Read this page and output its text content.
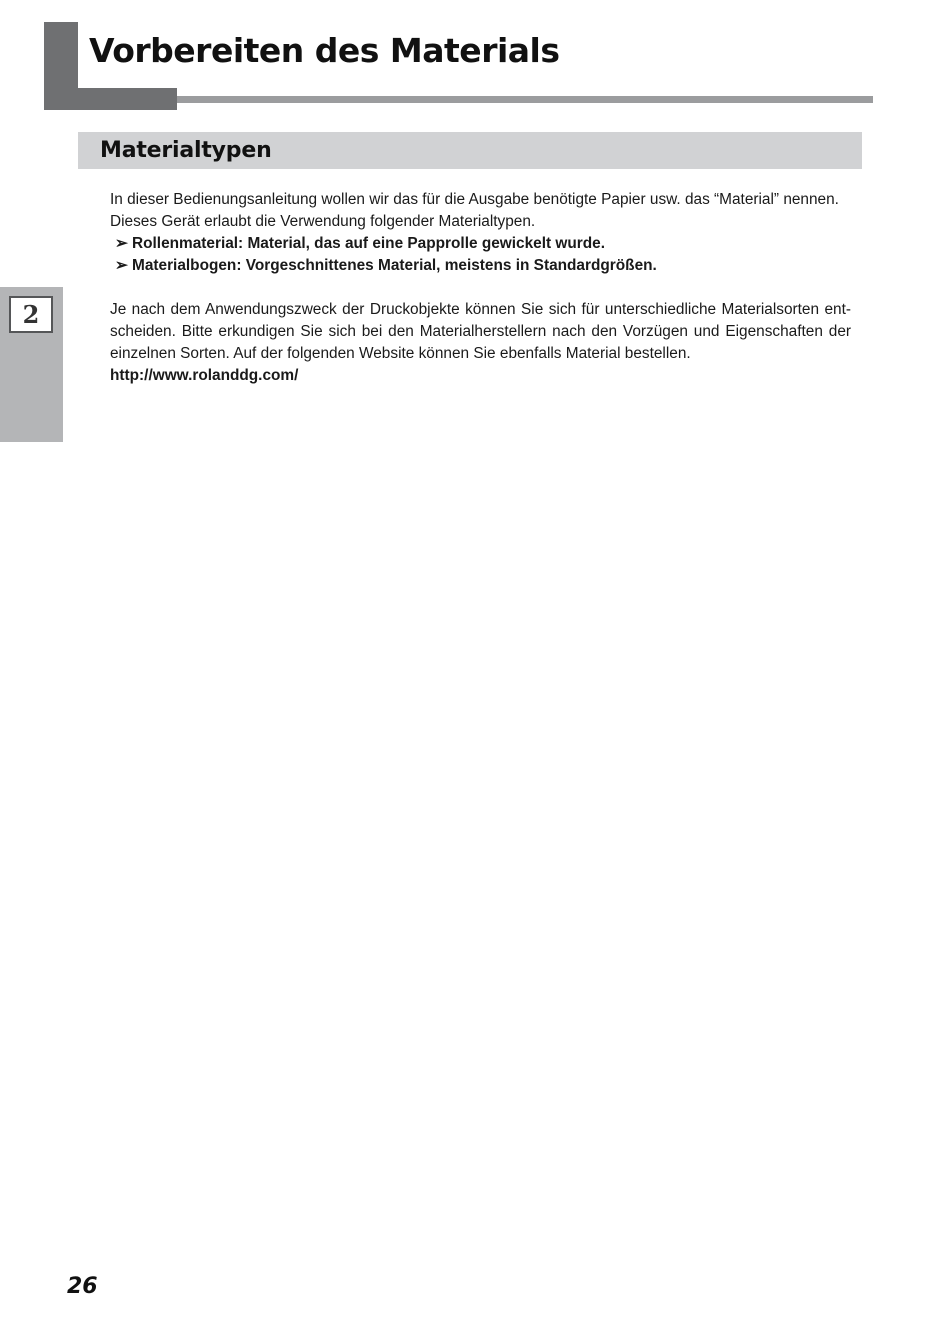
Vorbereiten des Materials
Materialtypen
2
In dieser Bedienungsanleitung wollen wir das für die Ausgabe benötigte Papier usw. das “Material” nennen.
Dieses Gerät erlaubt die Verwendung folgender Materialtypen.
➢ Rollenmaterial: Material, das auf eine Papprolle gewickelt wurde.
➢ Materialbogen: Vorgeschnittenes Material, meistens in Standardgrößen.
Je nach dem Anwendungszweck der Druckobjekte können Sie sich für unterschiedliche Materialsorten ent-
scheiden. Bitte erkundigen Sie sich bei den Materialherstellern nach den Vorzügen und Eigenschaften der
einzelnen Sorten. Auf der folgenden Website können Sie ebenfalls Material bestellen.
http://www.rolanddg.com/
26
